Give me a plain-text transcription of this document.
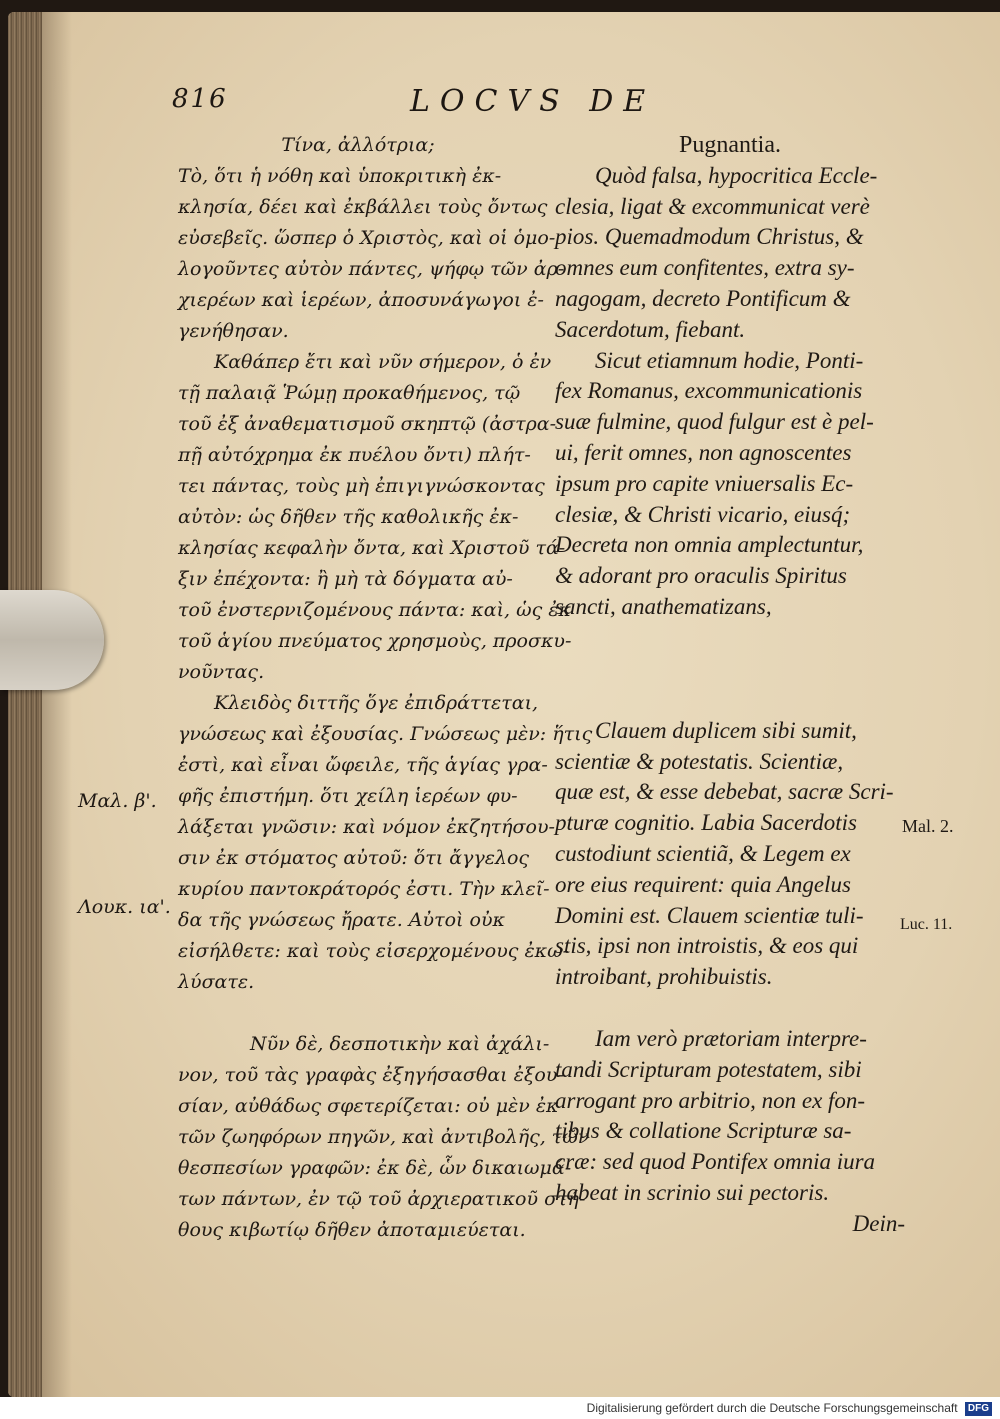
816	LOCVS DE
Τίνα, ἀλλότρια;
Τὸ, ὅτι ἡ νόθη καὶ ὑποκριτικὴ ἐκ-
κλησία, δέει καὶ ἐκβάλλει τοὺς ὄντως
εὐσεβεῖς. ὥσπερ ὁ Χριστὸς, καὶ οἱ ὁμο-
λογοῦντες αὐτὸν πάντες, ψήφῳ τῶν ἀρ-
χιερέων καὶ ἱερέων, ἀποσυνάγωγοι ἐ-
γενήθησαν.
Καθάπερ ἔτι καὶ νῦν σήμερον, ὁ ἐν
τῇ παλαιᾷ Ῥώμῃ προκαθήμενος, τῷ
τοῦ ἐξ ἀναθεματισμοῦ σκηπτῷ (ἀστρα-
πῇ αὐτόχρημα ἐκ πυέλου ὄντι) πλήτ-
τει πάντας, τοὺς μὴ ἐπιγιγνώσκοντας
αὐτὸν: ὡς δῆθεν τῆς καθολικῆς ἐκ-
κλησίας κεφαλὴν ὄντα, καὶ Χριστοῦ τά-
ξιν ἐπέχοντα: ἢ μὴ τὰ δόγματα αὐ-
τοῦ ἐνστερνιζομένους πάντα: καὶ, ὡς ἐκ
τοῦ ἁγίου πνεύματος χρησμοὺς, προσκυ-
νοῦντας.
Κλειδὸς διττῆς ὅγε ἐπιδράττεται,
γνώσεως καὶ ἐξουσίας. Γνώσεως μὲν: ἥτις
ἐστὶ, καὶ εἶναι ὤφειλε, τῆς ἁγίας γρα-
φῆς ἐπιστήμη. ὅτι χείλη ἱερέων φυ-
λάξεται γνῶσιν: καὶ νόμον ἐκζητήσου-
σιν ἐκ στόματος αὐτοῦ: ὅτι ἄγγελος
κυρίου παντοκράτορός ἐστι. Τὴν κλεῖ-
δα τῆς γνώσεως ἤρατε. Αὐτοὶ οὐκ
εἰσήλθετε: καὶ τοὺς εἰσερχομένους ἐκω-
λύσατε.
Νῦν δὲ, δεσποτικὴν καὶ ἀχάλι-
νον, τοῦ τὰς γραφὰς ἐξηγήσασθαι ἐξου-
σίαν, αὐθάδως σφετερίζεται: οὐ μὲν ἐκ
τῶν ζωηφόρων πηγῶν, καὶ ἀντιβολῆς, τῶν
θεσπεσίων γραφῶν: ἐκ δὲ, ὧν δικαιωμά-
των πάντων, ἐν τῷ τοῦ ἀρχιερατικοῦ στή-
θους κιβωτίῳ δῆθεν ἀποταμιεύεται.
Pugnantia.
Quòd falsa, hypocritica Eccle-
clesia, ligat & excommunicat verè
pios. Quemadmodum Christus, &
omnes eum confitentes, extra sy-
nagogam, decreto Pontificum &
Sacerdotum, fiebant.
Sicut etiamnum hodie, Ponti-
fex Romanus, excommunicationis
suæ fulmine, quod fulgur est è pel-
ui, ferit omnes, non agnoscentes
ipsum pro capite vniuersalis Ec-
clesiæ, & Christi vicario, eiusq́;
Decreta non omnia amplectuntur,
& adorant pro oraculis Spiritus
sancti, anathematizans,
Clauem duplicem sibi sumit,
scientiæ & potestatis. Scientiæ,
quæ est, & esse debebat, sacræ Scri-
pturæ cognitio. Labia Sacerdotis
custodiunt scientiã, & Legem ex
ore eius requirent: quia Angelus
Domini est. Clauem scientiæ tuli-
stis, ipsi non introistis, & eos qui
introibant, prohibuistis.
Iam verò prætoriam interpre-
tandi Scripturam potestatem, sibi
arrogant pro arbitrio, non ex fon-
tibus & collatione Scripturæ sa-
cræ: sed quod Pontifex omnia iura
habeat in scrinio sui pectoris.
Dein-
Μαλ. β'.
Λουκ. ια'.
Mal. 2.
Luc. 11.
Digitalisierung gefördert durch die Deutsche Forschungsgemeinschaft DFG
